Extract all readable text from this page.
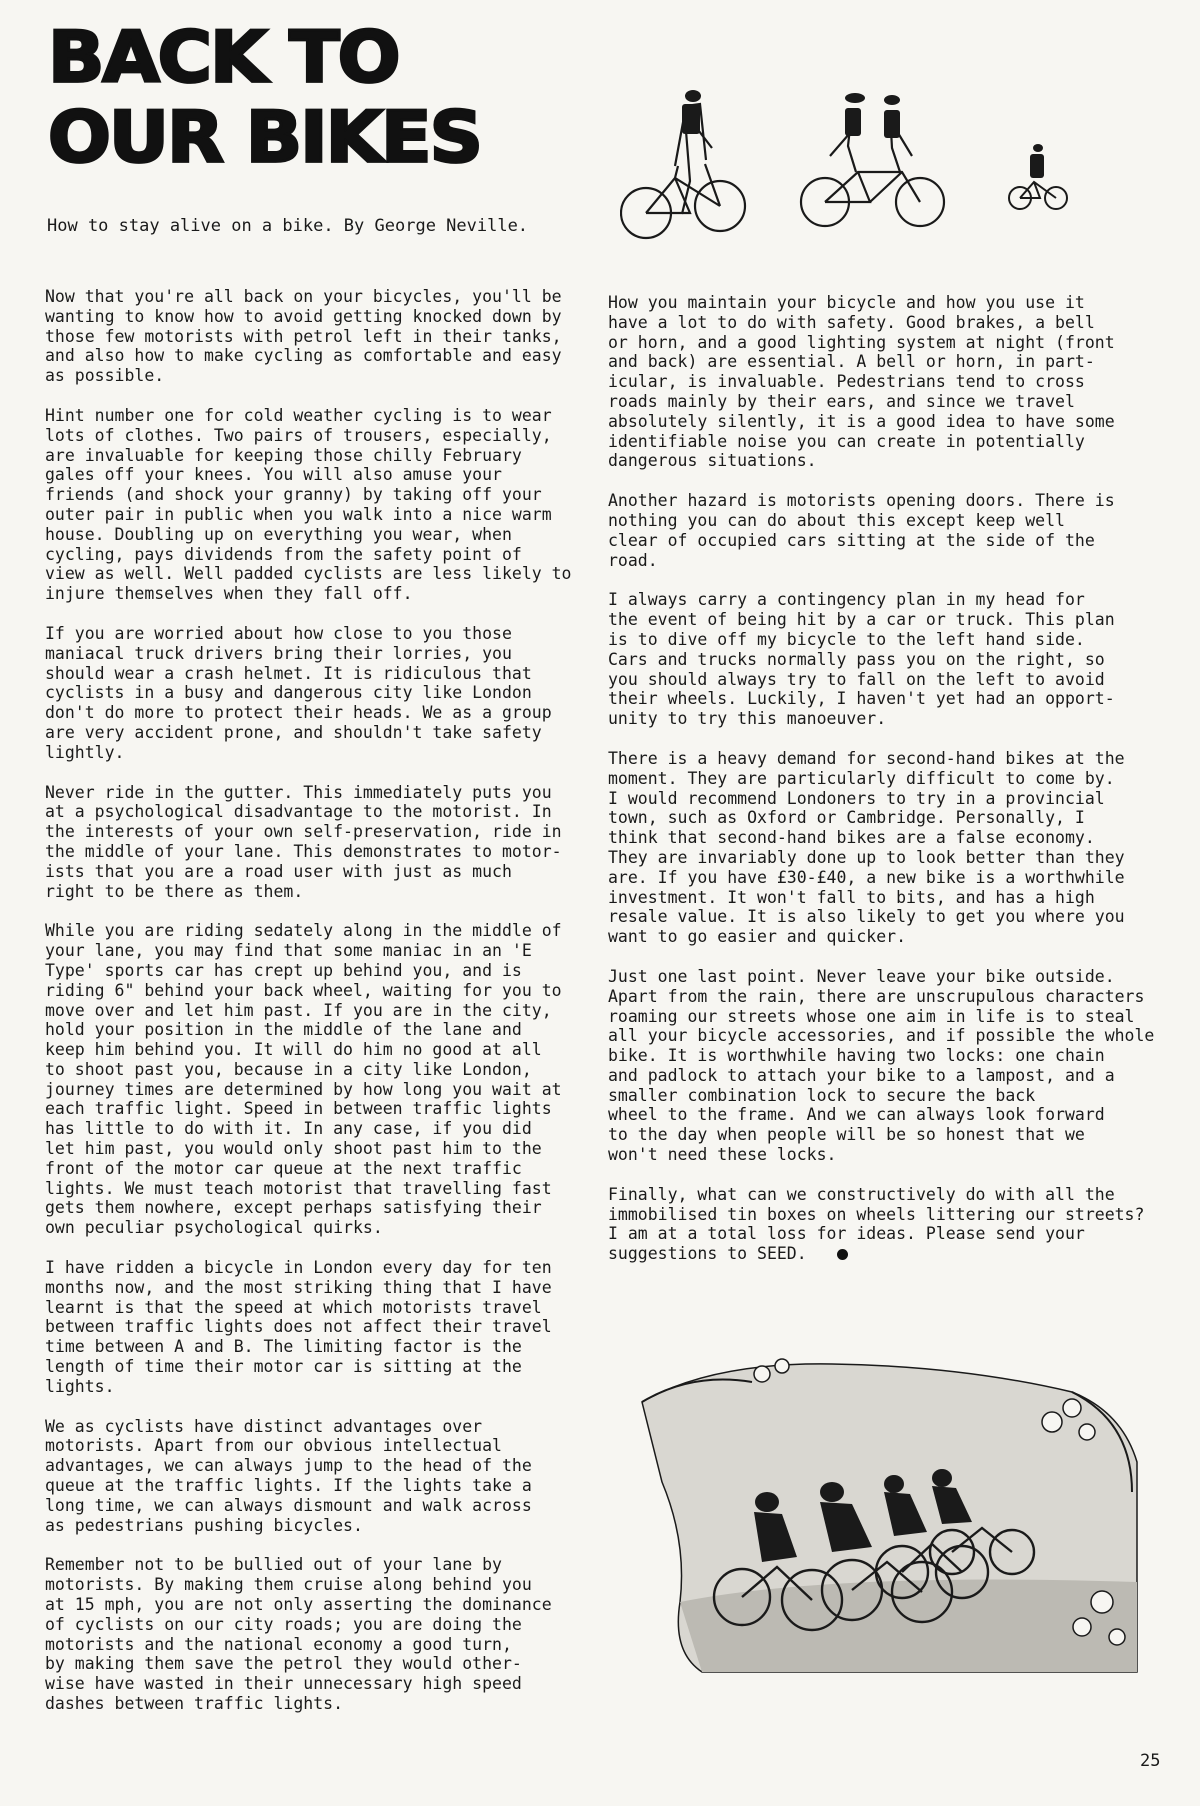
BACK TO
OUR BIKES
How to stay alive on a bike. By George Neville.

Now that you're all back on your bicycles, you'll be
wanting to know how to avoid getting knocked down by
those few motorists with petrol left in their tanks,
and also how to make cycling as comfortable and easy
as possible.

Hint number one for cold weather cycling is to wear
lots of clothes. Two pairs of trousers, especially,
are invaluable for keeping those chilly February
gales off your knees. You will also amuse your
friends (and shock your granny) by taking off your
outer pair in public when you walk into a nice warm
house. Doubling up on everything you wear, when
cycling, pays dividends from the safety point of
view as well. Well padded cyclists are less likely to
injure themselves when they fall off.

If you are worried about how close to you those
maniacal truck drivers bring their lorries, you
should wear a crash helmet. It is ridiculous that
cyclists in a busy and dangerous city like London
don't do more to protect their heads. We as a group
are very accident prone, and shouldn't take safety
lightly.

Never ride in the gutter. This immediately puts you
at a psychological disadvantage to the motorist. In
the interests of your own self-preservation, ride in
the middle of your lane. This demonstrates to motor-
ists that you are a road user with just as much
right to be there as them.

While you are riding sedately along in the middle of
your lane, you may find that some maniac in an 'E
Type' sports car has crept up behind you, and is
riding 6" behind your back wheel, waiting for you to
move over and let him past. If you are in the city,
hold your position in the middle of the lane and
keep him behind you. It will do him no good at all
to shoot past you, because in a city like London,
journey times are determined by how long you wait at
each traffic light. Speed in between traffic lights
has little to do with it. In any case, if you did
let him past, you would only shoot past him to the
front of the motor car queue at the next traffic
lights. We must teach motorist that travelling fast
gets them nowhere, except perhaps satisfying their
own peculiar psychological quirks.

I have ridden a bicycle in London every day for ten
months now, and the most striking thing that I have
learnt is that the speed at which motorists travel
between traffic lights does not affect their travel
time between A and B. The limiting factor is the
length of time their motor car is sitting at the
lights.

We as cyclists have distinct advantages over
motorists. Apart from our obvious intellectual
advantages, we can always jump to the head of the
queue at the traffic lights. If the lights take a
long time, we can always dismount and walk across
as pedestrians pushing bicycles.

Remember not to be bullied out of your lane by
motorists. By making them cruise along behind you
at 15 mph, you are not only asserting the dominance
of cyclists on our city roads; you are doing the
motorists and the national economy a good turn,
by making them save the petrol they would other-
wise have wasted in their unnecessary high speed
dashes between traffic lights.

How you maintain your bicycle and how you use it
have a lot to do with safety. Good brakes, a bell
or horn, and a good lighting system at night (front
and back) are essential. A bell or horn, in part-
icular, is invaluable. Pedestrians tend to cross
roads mainly by their ears, and since we travel
absolutely silently, it is a good idea to have some
identifiable noise you can create in potentially
dangerous situations.

Another hazard is motorists opening doors. There is
nothing you can do about this except keep well
clear of occupied cars sitting at the side of the
road.

I always carry a contingency plan in my head for
the event of being hit by a car or truck. This plan
is to dive off my bicycle to the left hand side.
Cars and trucks normally pass you on the right, so
you should always try to fall on the left to avoid
their wheels. Luckily, I haven't yet had an opport-
unity to try this manoeuver.

There is a heavy demand for second-hand bikes at the
moment. They are particularly difficult to come by.
I would recommend Londoners to try in a provincial
town, such as Oxford or Cambridge. Personally, I
think that second-hand bikes are a false economy.
They are invariably done up to look better than they
are. If you have £30-£40, a new bike is a worthwhile
investment. It won't fall to bits, and has a high
resale value. It is also likely to get you where you
want to go easier and quicker.

Just one last point. Never leave your bike outside.
Apart from the rain, there are unscrupulous characters
roaming our streets whose one aim in life is to steal
all your bicycle accessories, and if possible the whole
bike. It is worthwhile having two locks: one chain
and padlock to attach your bike to a lampost, and a
smaller combination lock to secure the back
wheel to the frame. And we can always look forward
to the day when people will be so honest that we
won't need these locks.

Finally, what can we constructively do with all the
immobilised tin boxes on wheels littering our streets?
I am at a total loss for ideas. Please send your
suggestions to SEED.

25
